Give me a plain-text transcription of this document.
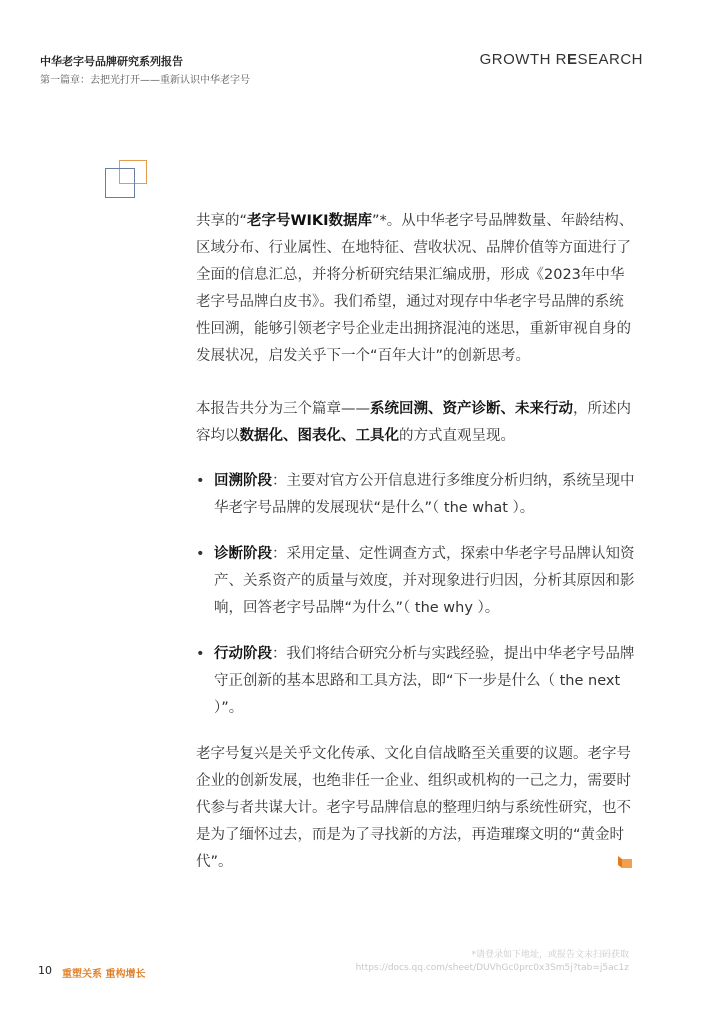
中华老字号品牌研究系列报告
第一篇章：去把光打开——重新认识中华老字号
GROWTH RESEARCH

共享的“老字号WIKI数据库”*。从中华老字号品牌数量、年龄结构、区域分布、行业属性、在地特征、营收状况、品牌价值等方面进行了全面的信息汇总，并将分析研究结果汇编成册，形成《2023年中华老字号品牌白皮书》。我们希望，通过对现存中华老字号品牌的系统性回溯，能够引领老字号企业走出拥挤混沌的迷思，重新审视自身的发展状况，启发关乎下一个“百年大计”的创新思考。

本报告共分为三个篇章——系统回溯、资产诊断、未来行动，所述内容均以数据化、图表化、工具化的方式直观呈现。

• 回溯阶段：主要对官方公开信息进行多维度分析归纳，系统呈现中华老字号品牌的发展现状“是什么”（ the what ）。
• 诊断阶段：采用定量、定性调查方式，探索中华老字号品牌认知资产、关系资产的质量与效度，并对现象进行归因，分析其原因和影响，回答老字号品牌“为什么”（ the why ）。
• 行动阶段：我们将结合研究分析与实践经验，提出中华老字号品牌守正创新的基本思路和工具方法，即“下一步是什么（ the next ）”。

老字号复兴是关乎文化传承、文化自信战略至关重要的议题。老字号企业的创新发展，也绝非任一企业、组织或机构的一己之力，需要时代参与者共谋大计。老字号品牌信息的整理归纳与系统性研究，也不是为了缅怀过去，而是为了寻找新的方法，再造璀璨文明的“黄金时代”。

10 重塑关系 重构增长
*请登录如下地址，或报告文末扫码获取
https://docs.qq.com/sheet/DUVhGc0prc0x3Sm5j?tab=j5ac1z
